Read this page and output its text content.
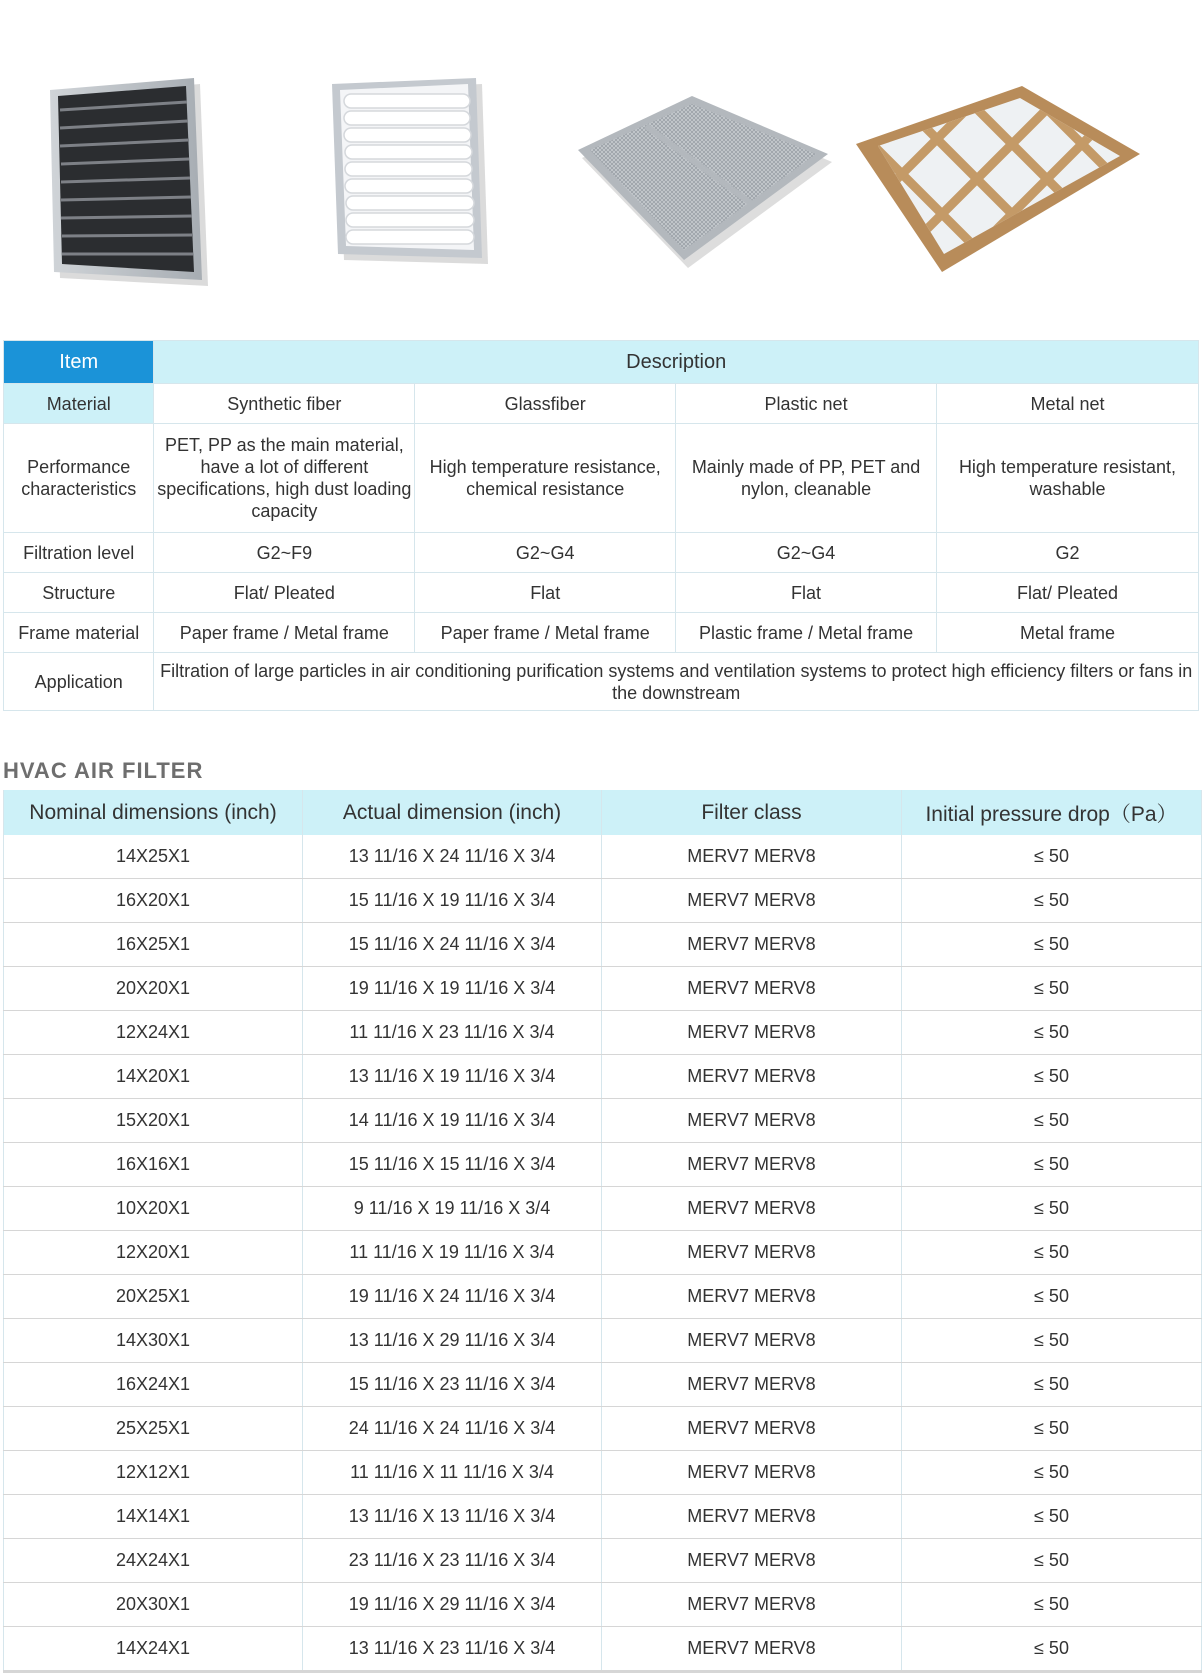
Item	Description			
Material	Synthetic fiber	Glassfiber	Plastic net	Metal net
Performance characteristics	PET, PP as the main material, have a lot of different specifications, high dust loading capacity	High temperature resistance, chemical resistance	Mainly made of PP, PET and nylon, cleanable	High temperature resistant, washable
Filtration level	G2~F9	G2~G4	G2~G4	G2
Structure	Flat/ Pleated	Flat	Flat	Flat/ Pleated
Frame material	Paper frame / Metal frame	Paper frame / Metal frame	Plastic frame / Metal frame	Metal frame
Application	Filtration of large particles in air conditioning purification systems and ventilation systems to protect high efficiency filters or fans in the downstream			
HVAC AIR FILTER
Nominal dimensions (inch)	Actual dimension (inch)	Filter class	Initial pressure drop（Pa）
14X25X1	13 11/16 X 24 11/16 X 3/4	MERV7 MERV8	≤ 50
16X20X1	15 11/16 X 19 11/16 X 3/4	MERV7 MERV8	≤ 50
16X25X1	15 11/16 X 24 11/16 X 3/4	MERV7 MERV8	≤ 50
20X20X1	19 11/16 X 19 11/16 X 3/4	MERV7 MERV8	≤ 50
12X24X1	11 11/16 X 23 11/16 X 3/4	MERV7 MERV8	≤ 50
14X20X1	13 11/16 X 19 11/16 X 3/4	MERV7 MERV8	≤ 50
15X20X1	14 11/16 X 19 11/16 X 3/4	MERV7 MERV8	≤ 50
16X16X1	15 11/16 X 15 11/16 X 3/4	MERV7 MERV8	≤ 50
10X20X1	9 11/16 X 19 11/16 X 3/4	MERV7 MERV8	≤ 50
12X20X1	11 11/16 X 19 11/16 X 3/4	MERV7 MERV8	≤ 50
20X25X1	19 11/16 X 24 11/16 X 3/4	MERV7 MERV8	≤ 50
14X30X1	13 11/16 X 29 11/16 X 3/4	MERV7 MERV8	≤ 50
16X24X1	15 11/16 X 23 11/16 X 3/4	MERV7 MERV8	≤ 50
25X25X1	24 11/16 X 24 11/16 X 3/4	MERV7 MERV8	≤ 50
12X12X1	11 11/16 X 11 11/16 X 3/4	MERV7 MERV8	≤ 50
14X14X1	13 11/16 X 13 11/16 X 3/4	MERV7 MERV8	≤ 50
24X24X1	23 11/16 X 23 11/16 X 3/4	MERV7 MERV8	≤ 50
20X30X1	19 11/16 X 29 11/16 X 3/4	MERV7 MERV8	≤ 50
14X24X1	13 11/16 X 23 11/16 X 3/4	MERV7 MERV8	≤ 50
